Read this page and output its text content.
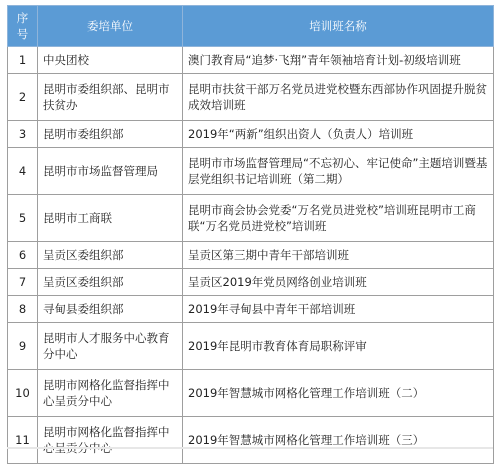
序
号	委培单位	培训班名称
1	中央团校	澳门教育局“追梦·飞翔”青年领袖培育计划-初级培训班
2	昆明市委组织部、昆明市扶贫办	昆明市扶贫干部万名党员进党校暨东西部协作巩固提升脱贫成效培训班
3	昆明市委组织部	2019年“两新”组织出资人（负责人）培训班
4	昆明市市场监督管理局	昆明市市场监督管理局“不忘初心、牢记使命”主题培训暨基层党组织书记培训班（第二期）
5	昆明市工商联	昆明市商会协会党委“万名党员进党校”培训班昆明市工商联“万名党员进党校”培训班
6	呈贡区委组织部	呈贡区第三期中青年干部培训班
7	呈贡区委组织部	呈贡区2019年党员网络创业培训班
8	寻甸县委组织部	2019年寻甸县中青年干部培训班
9	昆明市人才服务中心教育分中心	2019年昆明市教育体育局职称评审
10	昆明市网格化监督指挥中心呈贡分中心	2019年智慧城市网格化管理工作培训班（二）
11	昆明市网格化监督指挥中	2019年智慧城市网格化管理工作培训班（三）
